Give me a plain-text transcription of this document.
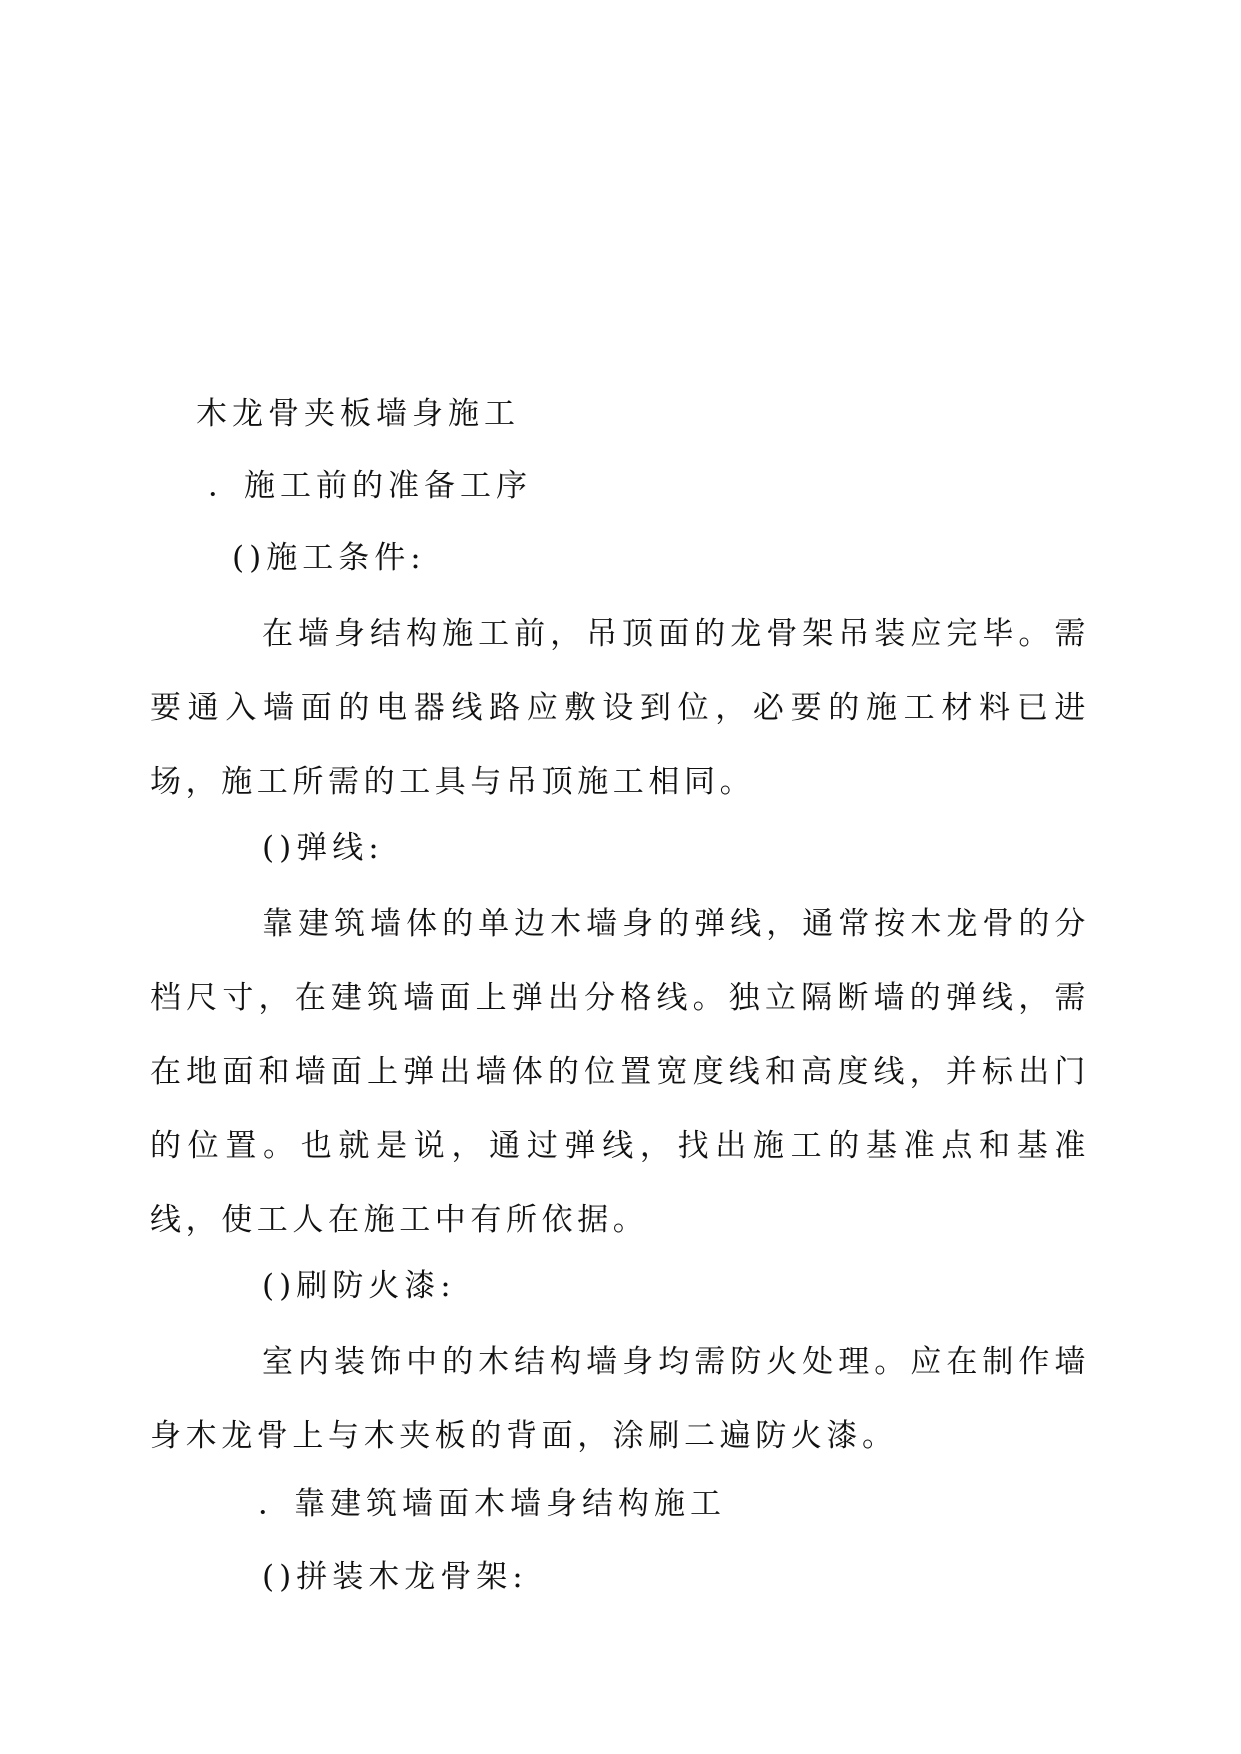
木龙骨夹板墙身施工
．施工前的准备工序
()施工条件:
在墙身结构施工前，吊顶面的龙骨架吊装应完毕。需要通入墙面的电器线路应敷设到位，必要的施工材料已进场，施工所需的工具与吊顶施工相同。
()弹线:
靠建筑墙体的单边木墙身的弹线，通常按木龙骨的分档尺寸，在建筑墙面上弹出分格线。独立隔断墙的弹线，需在地面和墙面上弹出墙体的位置宽度线和高度线，并标出门的位置。也就是说，通过弹线，找出施工的基准点和基准线，使工人在施工中有所依据。
()刷防火漆:
室内装饰中的木结构墙身均需防火处理。应在制作墙身木龙骨上与木夹板的背面，涂刷二遍防火漆。
．靠建筑墙面木墙身结构施工
()拼装木龙骨架:
